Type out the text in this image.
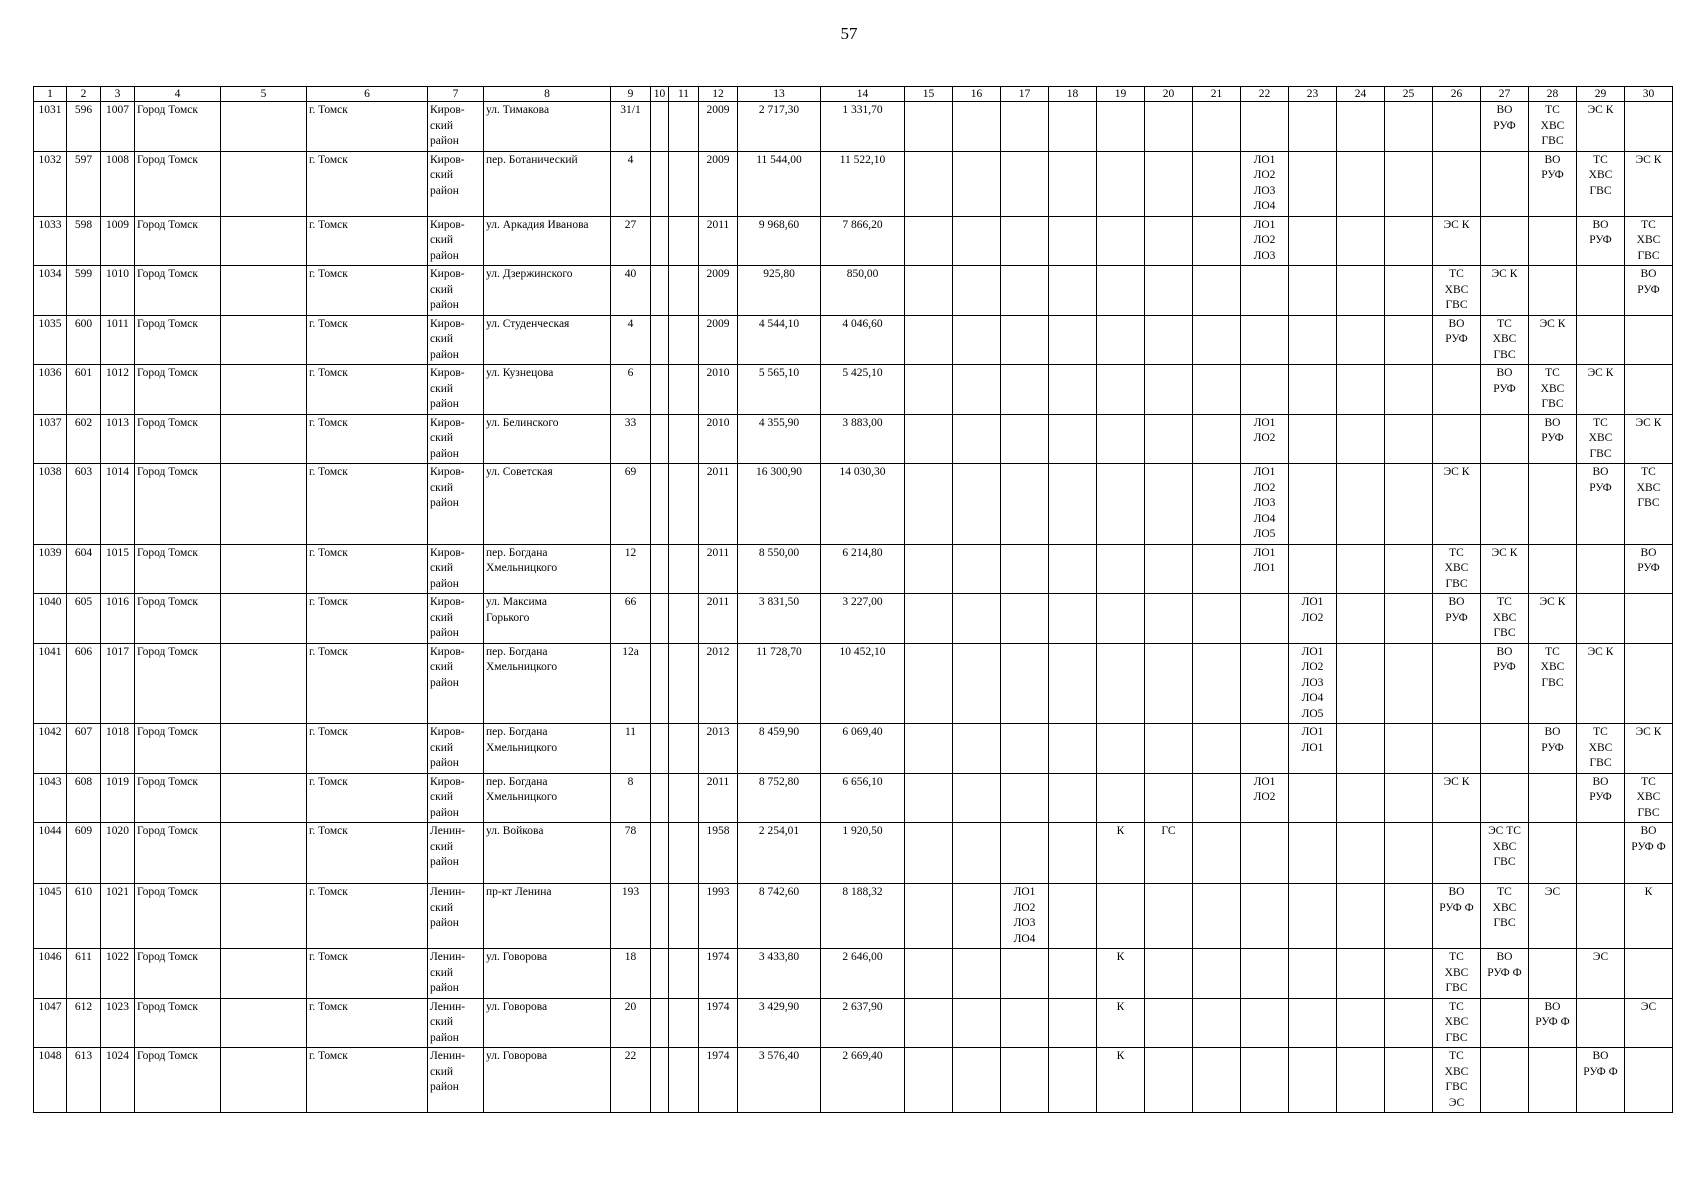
57
1	2	3	4	5	6	7	8	9	10	11	12	13	14	15	16	17	18	19	20	21	22	23	24	25	26	27	28	29	30
1031	596	1007	Город Томск		г. Томск	Киров-
ский
район	ул. Тимакова	31/1			2009	2 717,30	1 331,70													ВО
РУФ	ТС
ХВС
ГВС	ЭС К	
1032	597	1008	Город Томск		г. Томск	Киров-
ский
район	пер. Ботанический	4			2009	11 544,00	11 522,10								ЛО1
ЛО2
ЛО3
ЛО4						ВО
РУФ	ТС
ХВС
ГВС	ЭС К
1033	598	1009	Город Томск		г. Томск	Киров-
ский
район	ул. Аркадия Иванова	27			2011	9 968,60	7 866,20								ЛО1
ЛО2
ЛО3				ЭС К			ВО
РУФ	ТС
ХВС
ГВС
1034	599	1010	Город Томск		г. Томск	Киров-
ский
район	ул. Дзержинского	40			2009	925,80	850,00												ТС
ХВС
ГВС	ЭС К			ВО
РУФ
1035	600	1011	Город Томск		г. Томск	Киров-
ский
район	ул. Студенческая	4			2009	4 544,10	4 046,60												ВО
РУФ	ТС
ХВС
ГВС	ЭС К		
1036	601	1012	Город Томск		г. Томск	Киров-
ский
район	ул. Кузнецова	6			2010	5 565,10	5 425,10													ВО
РУФ	ТС
ХВС
ГВС	ЭС К	
1037	602	1013	Город Томск		г. Томск	Киров-
ский
район	ул. Белинского	33			2010	4 355,90	3 883,00								ЛО1
ЛО2						ВО
РУФ	ТС
ХВС
ГВС	ЭС К
1038	603	1014	Город Томск		г. Томск	Киров-
ский
район	ул. Советская	69			2011	16 300,90	14 030,30								ЛО1
ЛО2
ЛО3
ЛО4
ЛО5				ЭС К			ВО
РУФ	ТС
ХВС
ГВС
1039	604	1015	Город Томск		г. Томск	Киров-
ский
район	пер. Богдана
Хмельницкого	12			2011	8 550,00	6 214,80								ЛО1
ЛО1				ТС
ХВС
ГВС	ЭС К			ВО
РУФ
1040	605	1016	Город Томск		г. Томск	Киров-
ский
район	ул. Максима
Горького	66			2011	3 831,50	3 227,00									ЛО1
ЛО2			ВО
РУФ	ТС
ХВС
ГВС	ЭС К		
1041	606	1017	Город Томск		г. Томск	Киров-
ский
район	пер. Богдана
Хмельницкого	12а			2012	11 728,70	10 452,10									ЛО1
ЛО2
ЛО3
ЛО4
ЛО5				ВО
РУФ	ТС
ХВС
ГВС	ЭС К	
1042	607	1018	Город Томск		г. Томск	Киров-
ский
район	пер. Богдана
Хмельницкого	11			2013	8 459,90	6 069,40									ЛО1
ЛО1					ВО
РУФ	ТС
ХВС
ГВС	ЭС К
1043	608	1019	Город Томск		г. Томск	Киров-
ский
район	пер. Богдана
Хмельницкого	8			2011	8 752,80	6 656,10								ЛО1
ЛО2				ЭС К			ВО
РУФ	ТС
ХВС
ГВС
1044	609	1020	Город Томск		г. Томск	Ленин-
ский
район	ул. Войкова	78			1958	2 254,01	1 920,50					К	ГС							ЭС ТС
ХВС
ГВС			ВО
РУФ Ф
1045	610	1021	Город Томск		г. Томск	Ленин-
ский
район	пр-кт Ленина	193			1993	8 742,60	8 188,32			ЛО1
ЛО2
ЛО3
ЛО4									ВО
РУФ Ф	ТС
ХВС
ГВС	ЭС		К
1046	611	1022	Город Томск		г. Томск	Ленин-
ский
район	ул. Говорова	18			1974	3 433,80	2 646,00					К							ТС
ХВС
ГВС	ВО
РУФ Ф		ЭС	
1047	612	1023	Город Томск		г. Томск	Ленин-
ский
район	ул. Говорова	20			1974	3 429,90	2 637,90					К							ТС
ХВС
ГВС		ВО
РУФ Ф		ЭС
1048	613	1024	Город Томск		г. Томск	Ленин-
ский
район	ул. Говорова	22			1974	3 576,40	2 669,40					К							ТС
ХВС
ГВС
ЭС			ВО
РУФ Ф	
